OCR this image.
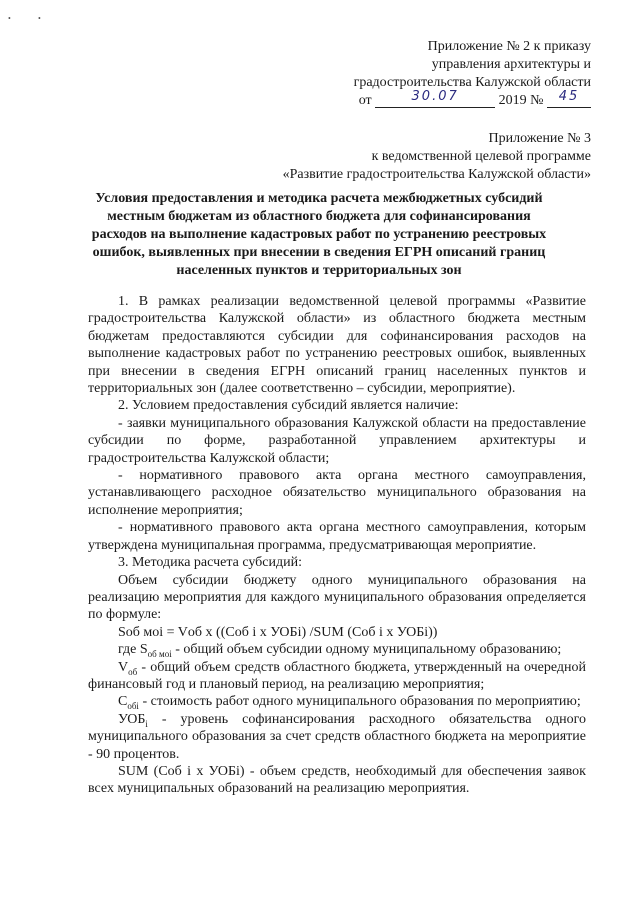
•	•
Приложение № 2 к приказу
управления архитектуры и
градостроительства Калужской области
от	30.07	2019 № 45
Приложение № 3
к ведомственной целевой программе
«Развитие градостроительства Калужской области»
Условия предоставления и методика расчета межбюджетных субсидий местным бюджетам из областного бюджета для софинансирования расходов на выполнение кадастровых работ по устранению реестровых ошибок, выявленных при внесении в сведения ЕГРН описаний границ населенных пунктов и территориальных зон

1. В рамках реализации ведомственной целевой программы «Развитие градостроительства Калужской области» из областного бюджета местным бюджетам предоставляются субсидии для софинансирования расходов на выполнение кадастровых работ по устранению реестровых ошибок, выявленных при внесении в сведения ЕГРН описаний границ населенных пунктов и территориальных зон (далее соответственно – субсидии, мероприятие).

2. Условием предоставления субсидий является наличие:

- заявки муниципального образования Калужской области на предоставление субсидии по форме, разработанной управлением архитектуры и градостроительства Калужской области;

- нормативного правового акта органа местного самоуправления, устанавливающего расходное обязательство муниципального образования на исполнение мероприятия;

- нормативного правового акта органа местного самоуправления, которым утверждена муниципальная программа, предусматривающая мероприятие.

3. Методика расчета субсидий:

Объем субсидии бюджету одного муниципального образования на реализацию мероприятия для каждого муниципального образования определяется по формуле:

Sоб моi = Vоб х ((Соб i х УОБi) /SUM (Соб i х УОБi))

где $S_{об моi}$ - общий объем субсидии одному муниципальному образованию;

$V_{об}$ - общий объем средств областного бюджета, утвержденный на очередной финансовый год и плановый период, на реализацию мероприятия;

$С_{обi}$ - стоимость работ одного муниципального образования по мероприятию;

$УОБ_i$ - уровень софинансирования расходного обязательства одного муниципального образования за счет средств областного бюджета на мероприятие - 90 процентов.

SUM (Соб i х УОБi) - объем средств, необходимый для обеспечения заявок всех муниципальных образований на реализацию мероприятия.
